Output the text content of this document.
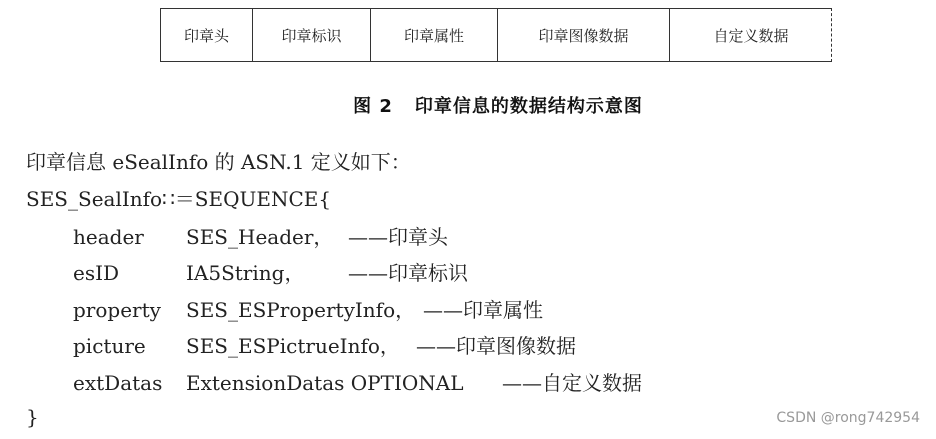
印章头	印章标识	印章属性	印章图像数据	自定义数据
图 2 印章信息的数据结构示意图
印章信息 eSealInfo 的 ASN.1 定义如下：
SES_SealInfo∷＝SEQUENCE{
header SES_Header， ——印章头
esID	IA5String， ——印章标识
property SES_ESPropertyInfo， ——印章属性
picture SES_ESPictrueInfo， ——印章图像数据
extDatas ExtensionDatas OPTIONAL ——自定义数据
}	CSDN @rong742954
